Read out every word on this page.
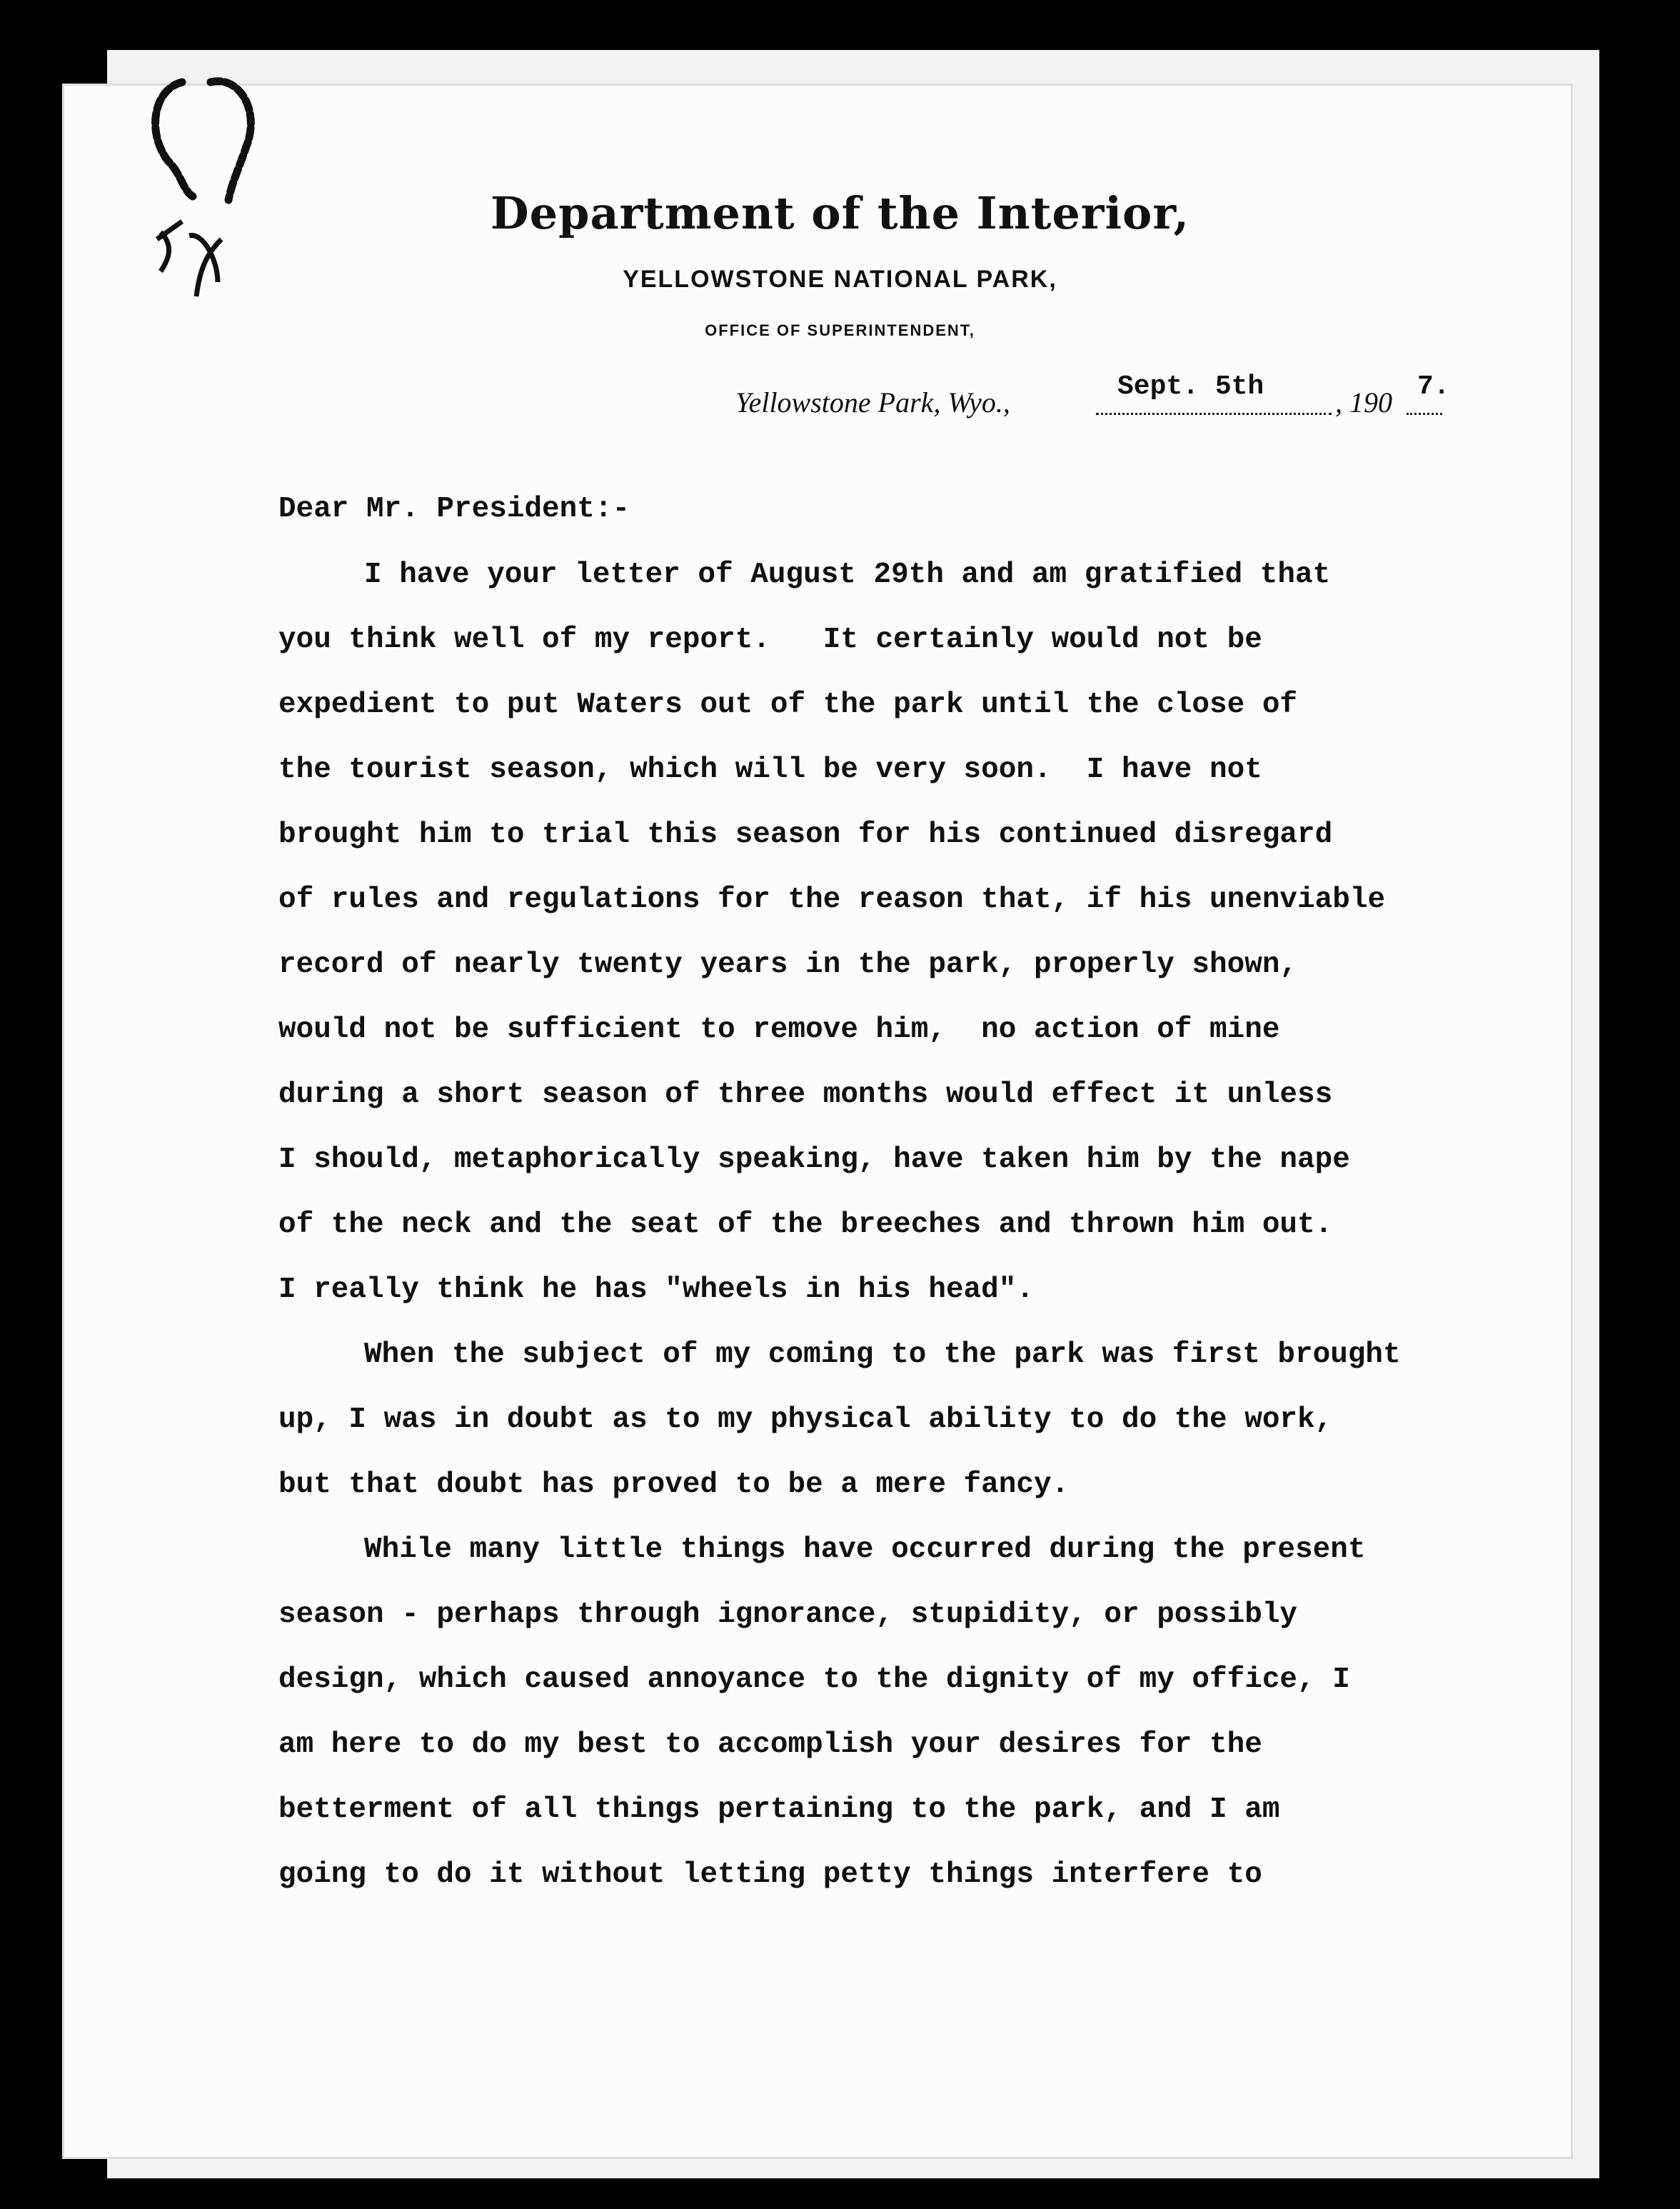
Department of the Interior,
YELLOWSTONE NATIONAL PARK,
OFFICE OF SUPERINTENDENT,
Yellowstone Park, Wyo.,	Sept. 5th , 190 7.
Dear Mr. President:-
I have your letter of August 29th and am gratified that
you think well of my report.   It certainly would not be
expedient to put Waters out of the park until the close of
the tourist season, which will be very soon.  I have not
brought him to trial this season for his continued disregard
of rules and regulations for the reason that, if his unenviable
record of nearly twenty years in the park, properly shown,
would not be sufficient to remove him,  no action of mine
during a short season of three months would effect it unless
I should, metaphorically speaking, have taken him by the nape
of the neck and the seat of the breeches and thrown him out.
I really think he has "wheels in his head".
When the subject of my coming to the park was first brought
up, I was in doubt as to my physical ability to do the work,
but that doubt has proved to be a mere fancy.
While many little things have occurred during the present
season - perhaps through ignorance, stupidity, or possibly
design, which caused annoyance to the dignity of my office, I
am here to do my best to accomplish your desires for the
betterment of all things pertaining to the park, and I am
going to do it without letting petty things interfere to
